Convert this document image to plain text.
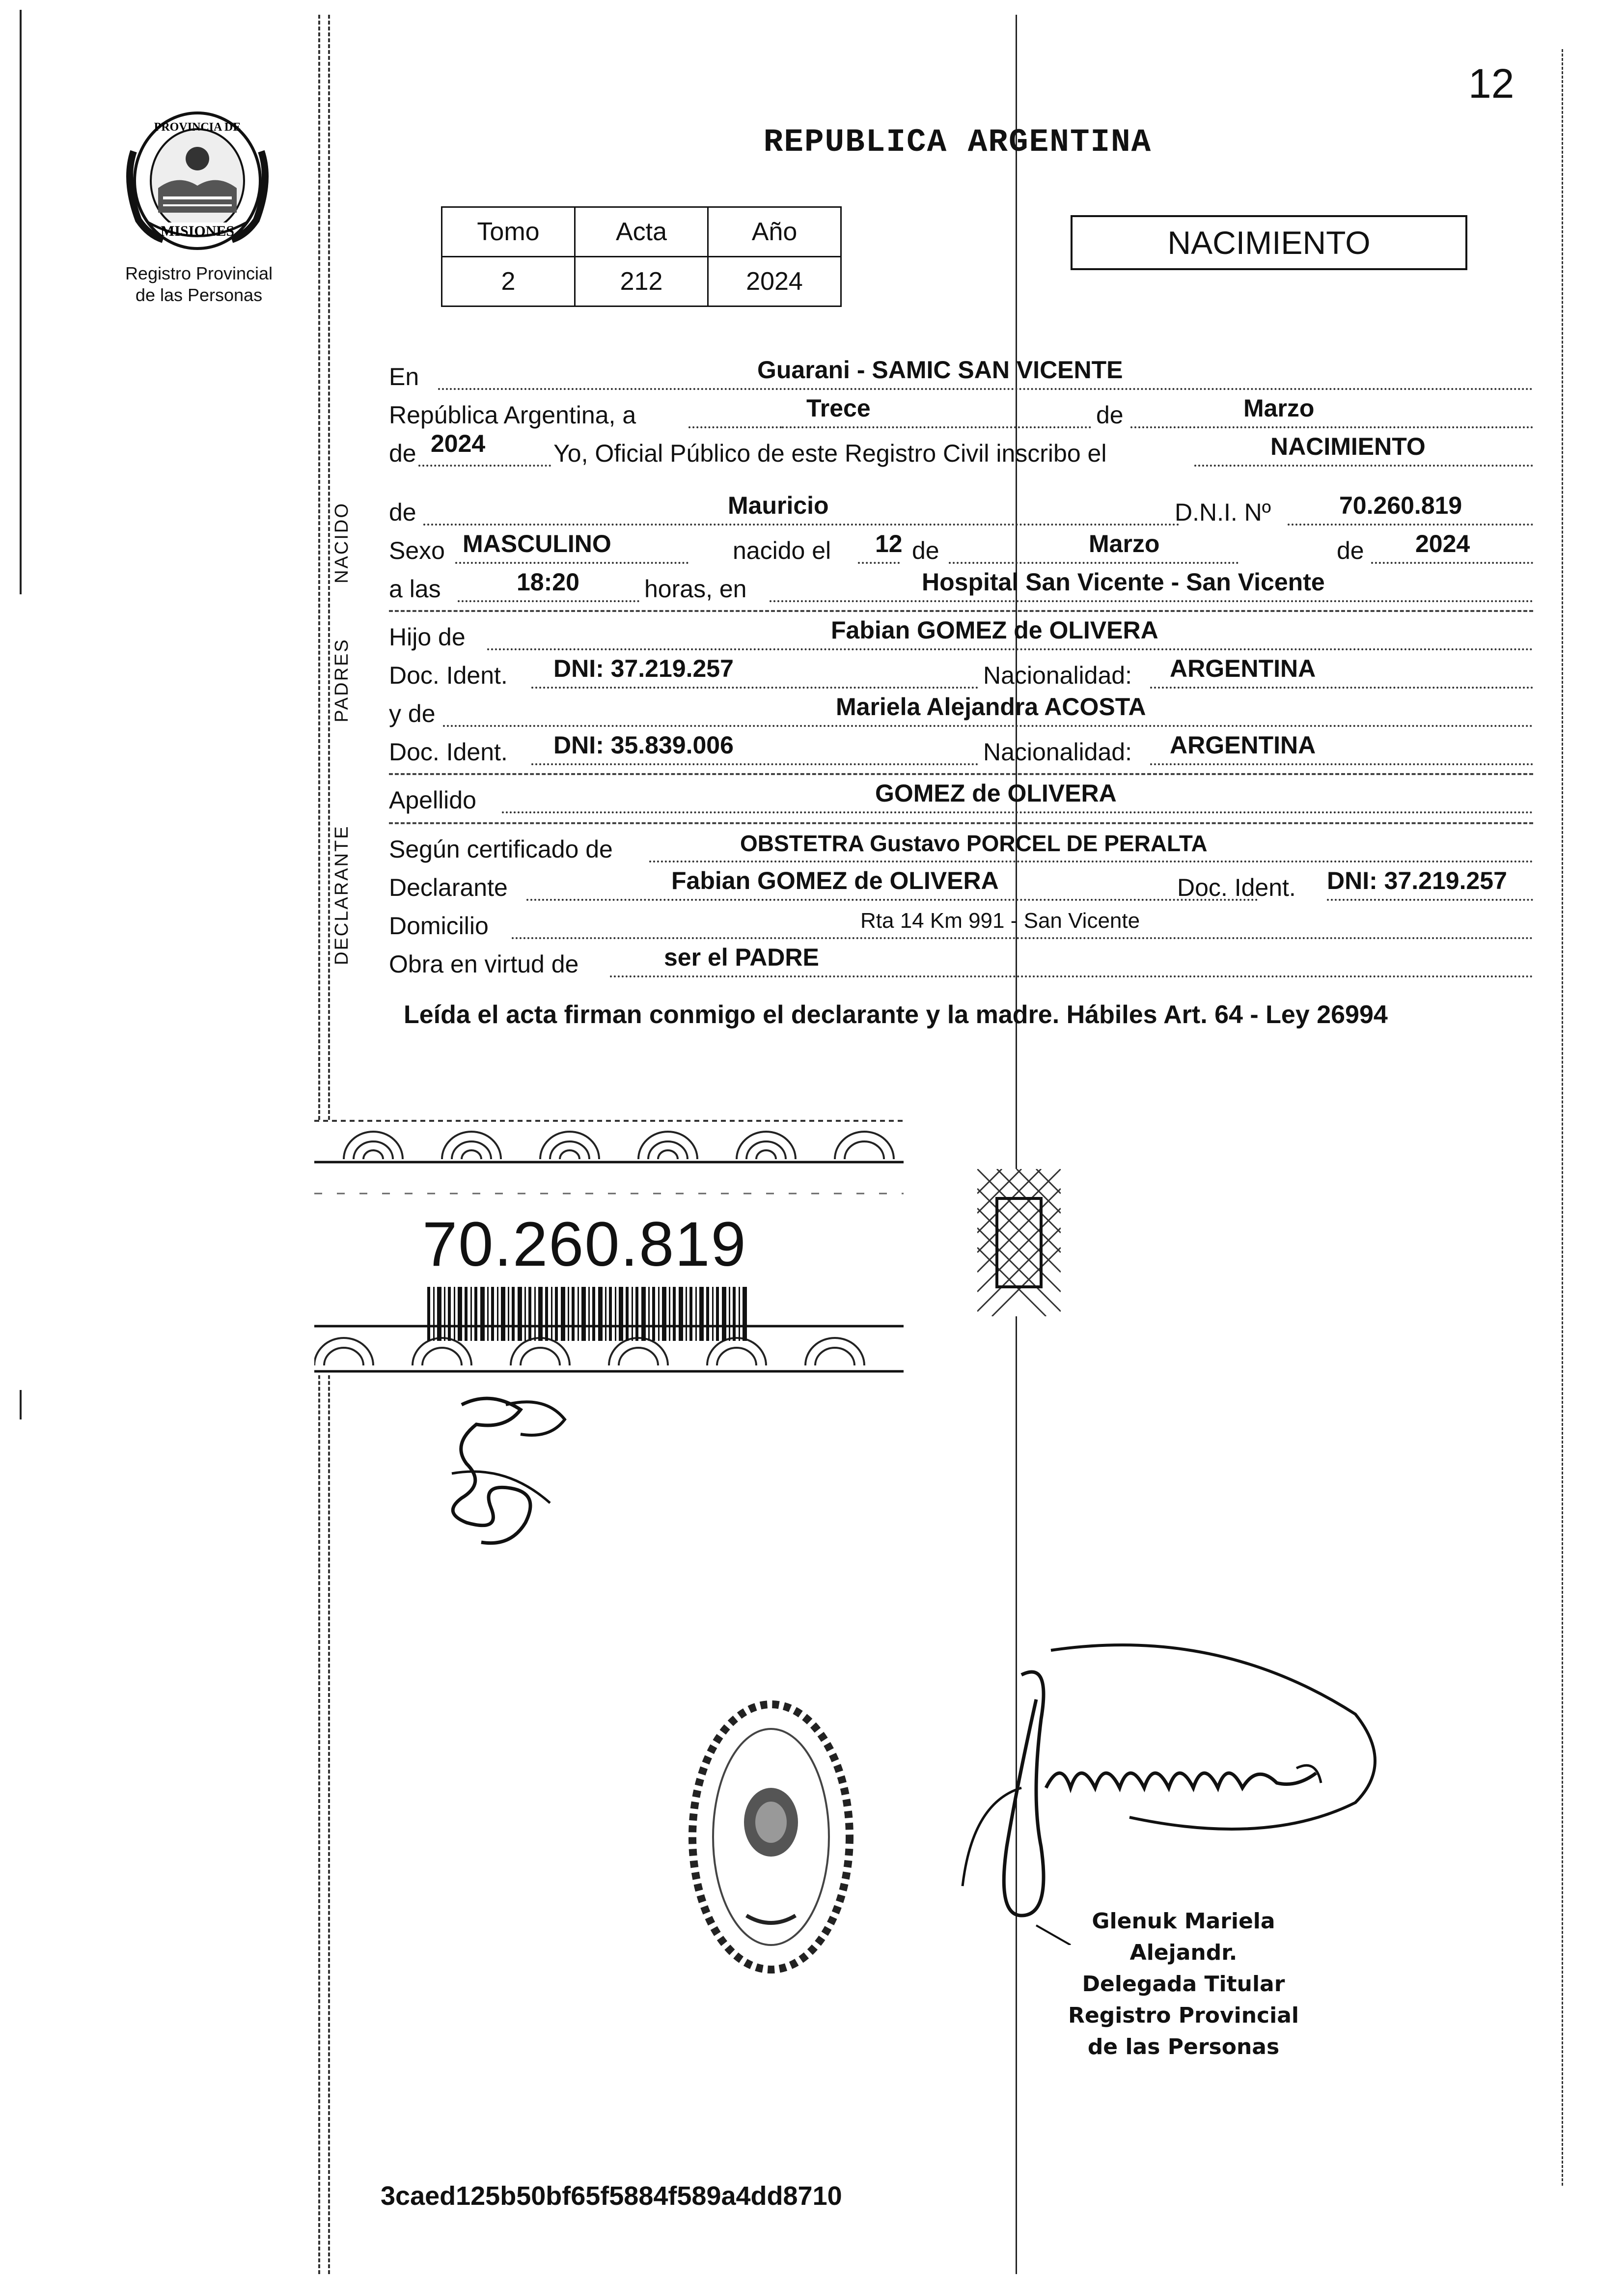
12
MISIONES
PROVINCIA DE
Registro Provincial
de las Personas
REPUBLICA ARGENTINA
Tomo	Acta	Año
2	212	2024
NACIMIENTO
NACIDO
PADRES
DECLARANTE
En	Guarani - SAMIC SAN VICENTE
República Argentina, a	Trece	de	Marzo
de 2024	Yo, Oficial Público de este Registro Civil inscribo el	NACIMIENTO
de	Mauricio	D.N.I. Nº	70.260.819
Sexo MASCULINO	nacido el 12 de	Marzo	de 2024
a las	18:20	horas, en	Hospital San Vicente - San Vicente
Hijo de	Fabian GOMEZ de OLIVERA
Doc. Ident. DNI: 37.219.257	Nacionalidad: ARGENTINA
y de	Mariela Alejandra ACOSTA
Doc. Ident. DNI: 35.839.006	Nacionalidad: ARGENTINA
Apellido	GOMEZ de OLIVERA
Según certificado de	OBSTETRA Gustavo PORCEL DE PERALTA
Declarante	Fabian GOMEZ de OLIVERA	Doc. Ident. DNI: 37.219.257
Domicilio	Rta 14 Km 991 - San Vicente
Obra en virtud de	ser el PADRE
Leída el acta firman conmigo el declarante y la madre. Hábiles Art. 64 - Ley 26994
70.260.819
Glenuk Mariela Alejandr.
Delegada Titular
Registro Provincial
de las Personas
3caed125b50bf65f5884f589a4dd8710
